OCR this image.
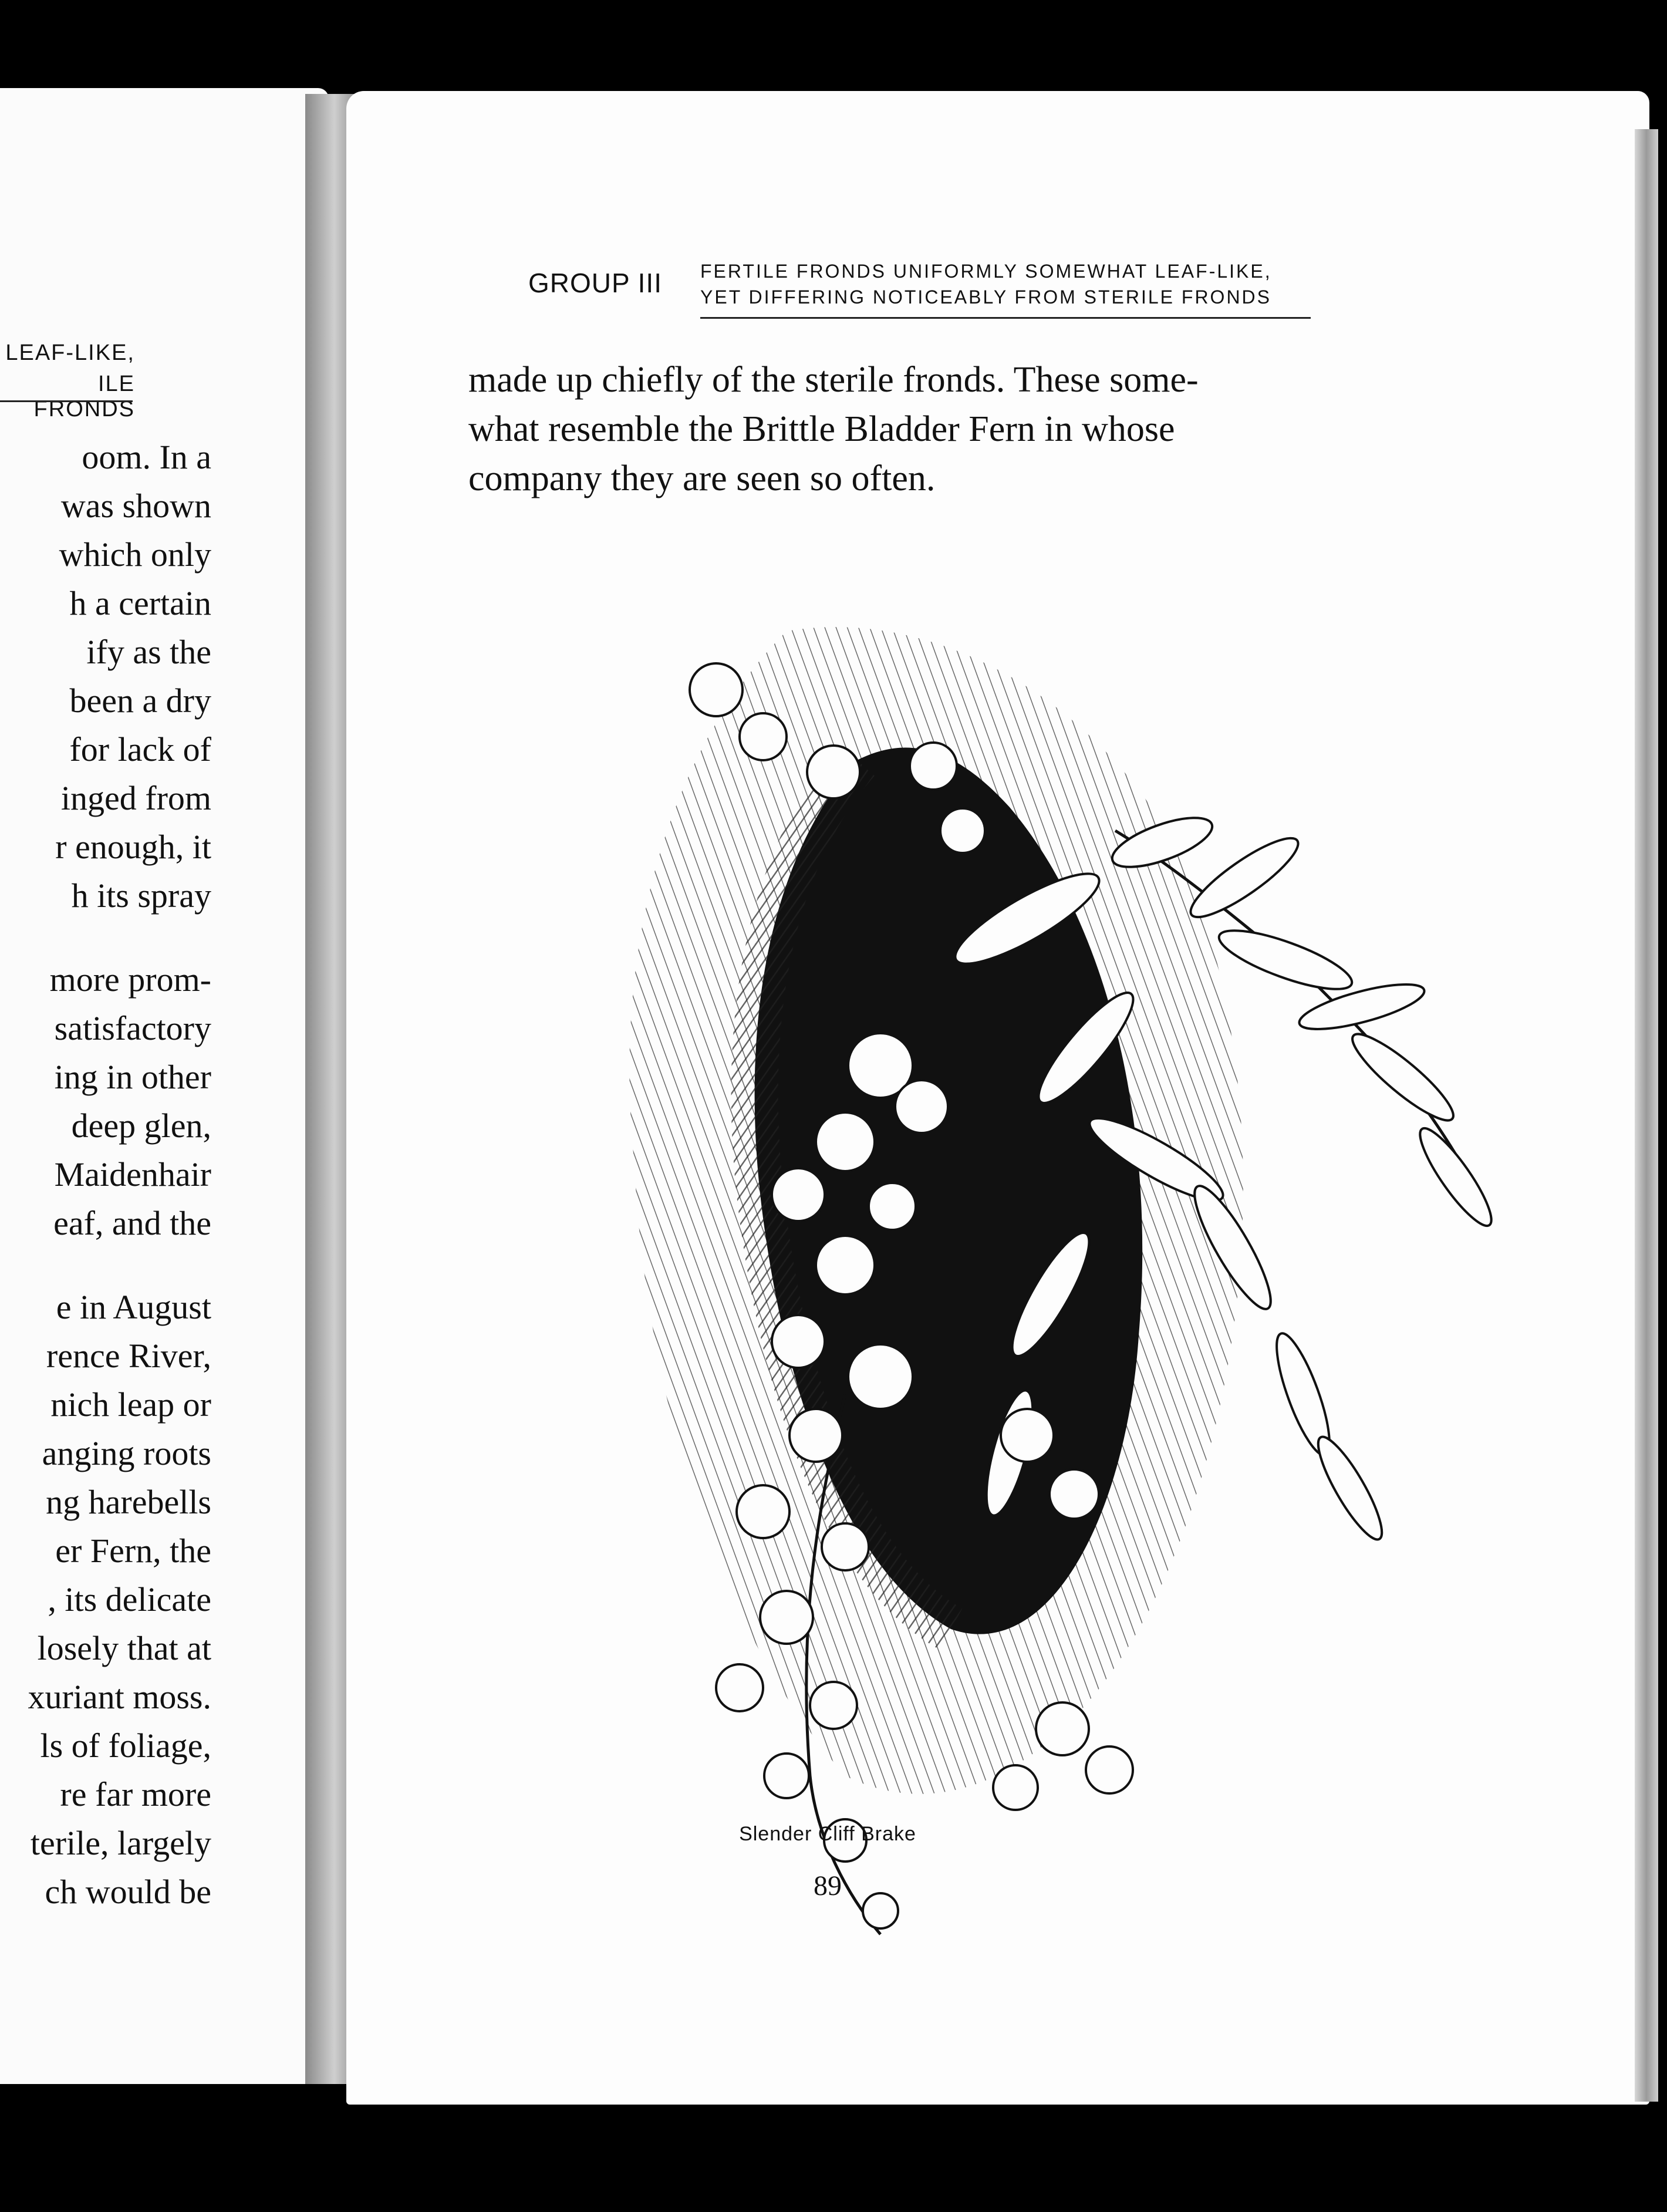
LEAF-LIKE,
ILE FRONDS
oom. In a
was shown
which only
h a certain
ify as the
been a dry
for lack of
inged from
r enough, it
h its spray
more prom-
satisfactory
ing in other
deep glen,
Maidenhair
eaf, and the
e in August
rence River,
nich leap or
anging roots
ng harebells
er Fern, the
, its delicate
losely that at
xuriant moss.
ls of foliage,
re far more
terile, largely
ch would be
GROUP III FERTILE FRONDS UNIFORMLY SOMEWHAT LEAF-LIKE,
YET DIFFERING NOTICEABLY FROM STERILE FRONDS
made up chiefly of the sterile fronds. These some-
what resemble the Brittle Bladder Fern in whose
company they are seen so often.
Slender Cliff Brake
89
